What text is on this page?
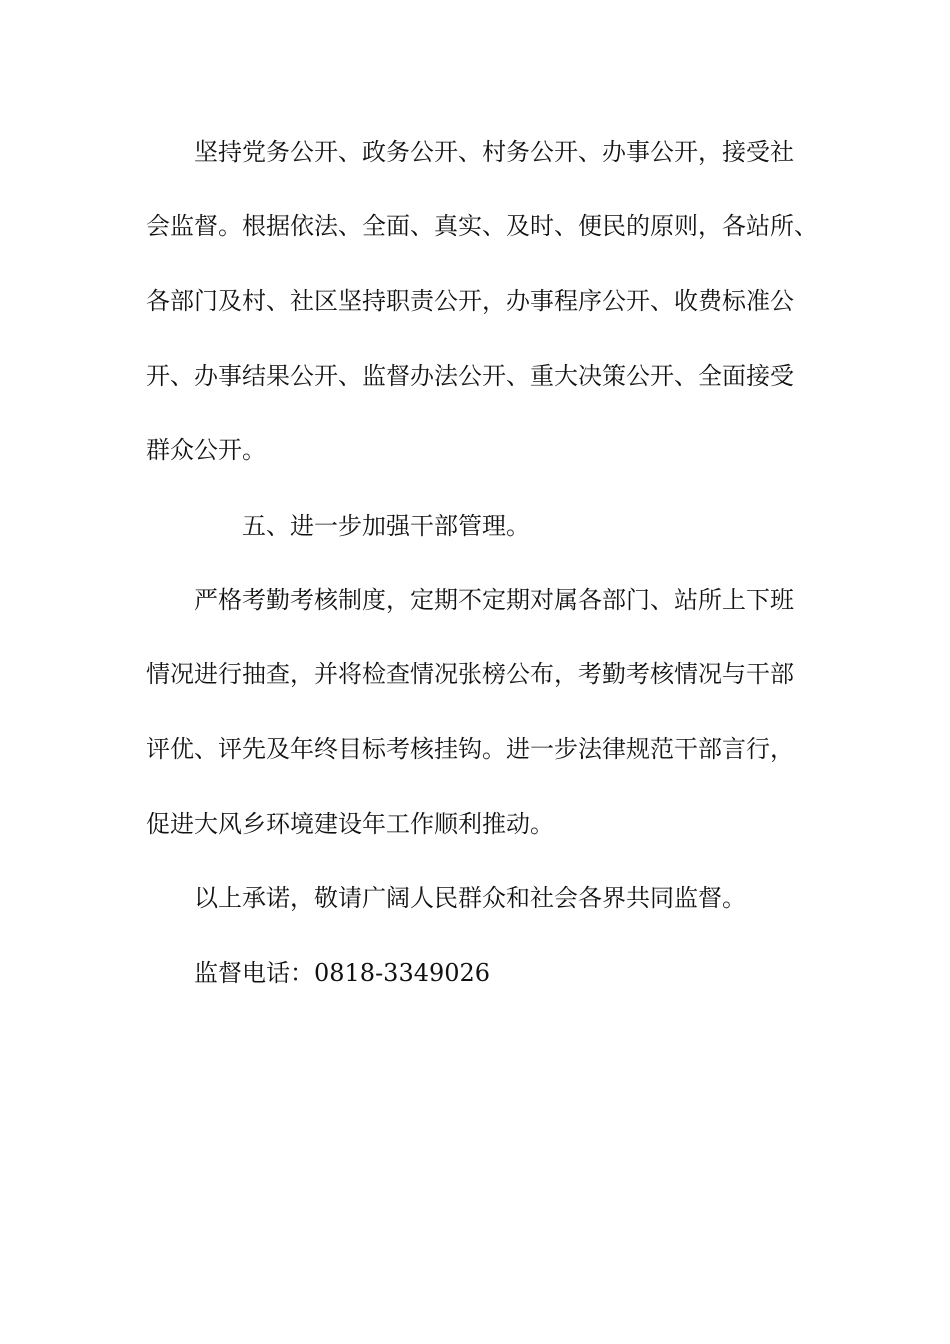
坚持党务公开、政务公开、村务公开、办事公开，接受社
会监督。根据依法、全面、真实、及时、便民的原则，各站所、
各部门及村、社区坚持职责公开，办事程序公开、收费标准公
开、办事结果公开、监督办法公开、重大决策公开、全面接受
群众公开。
五、进一步加强干部管理。
严格考勤考核制度，定期不定期对属各部门、站所上下班
情况进行抽查，并将检查情况张榜公布，考勤考核情况与干部
评优、评先及年终目标考核挂钩。进一步法律规范干部言行，
促进大风乡环境建设年工作顺利推动。
以上承诺，敬请广阔人民群众和社会各界共同监督。
监督电话：0818-3349026
